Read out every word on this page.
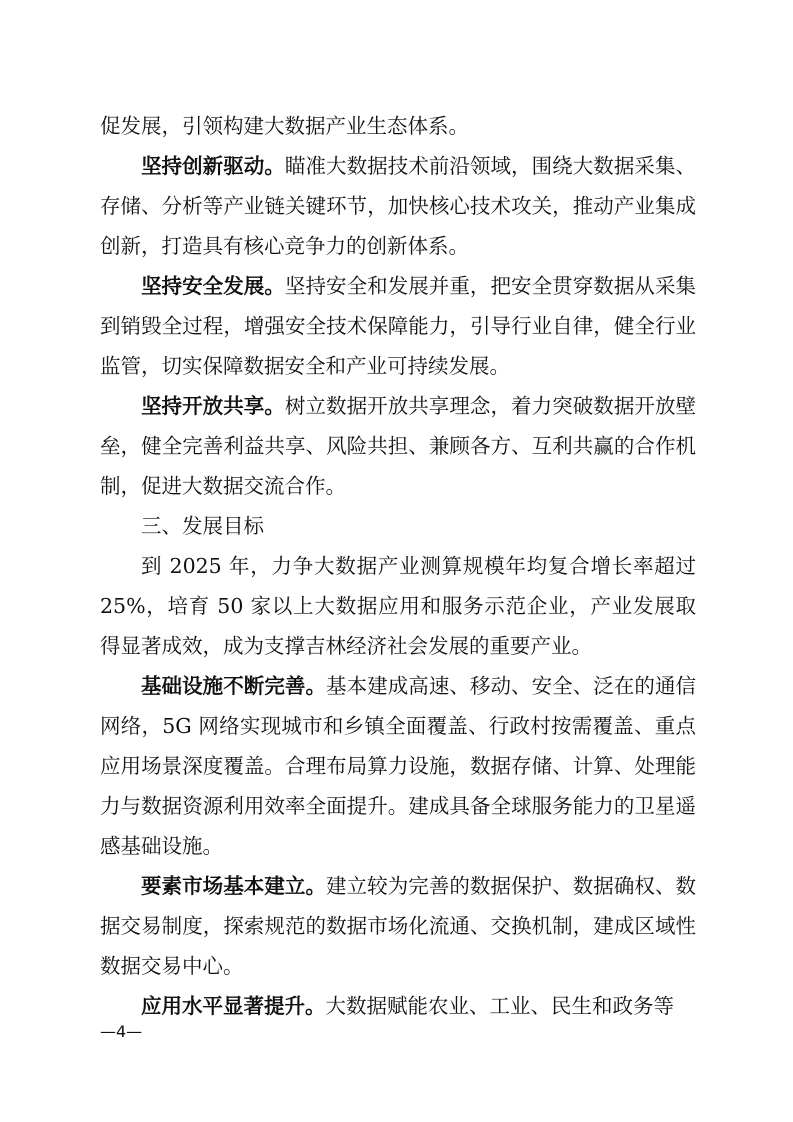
促发展，引领构建大数据产业生态体系。

坚持创新驱动。瞄准大数据技术前沿领域，围绕大数据采集、存储、分析等产业链关键环节，加快核心技术攻关，推动产业集成创新，打造具有核心竞争力的创新体系。

坚持安全发展。坚持安全和发展并重，把安全贯穿数据从采集到销毁全过程，增强安全技术保障能力，引导行业自律，健全行业监管，切实保障数据安全和产业可持续发展。

坚持开放共享。树立数据开放共享理念，着力突破数据开放壁垒，健全完善利益共享、风险共担、兼顾各方、互利共赢的合作机制，促进大数据交流合作。

三、发展目标

到 2025 年，力争大数据产业测算规模年均复合增长率超过 25%，培育 50 家以上大数据应用和服务示范企业，产业发展取得显著成效，成为支撑吉林经济社会发展的重要产业。

基础设施不断完善。基本建成高速、移动、安全、泛在的通信网络，5G 网络实现城市和乡镇全面覆盖、行政村按需覆盖、重点应用场景深度覆盖。合理布局算力设施，数据存储、计算、处理能力与数据资源利用效率全面提升。建成具备全球服务能力的卫星遥感基础设施。

要素市场基本建立。建立较为完善的数据保护、数据确权、数据交易制度，探索规范的数据市场化流通、交换机制，建成区域性数据交易中心。

应用水平显著提升。大数据赋能农业、工业、民生和政务等

—4—
